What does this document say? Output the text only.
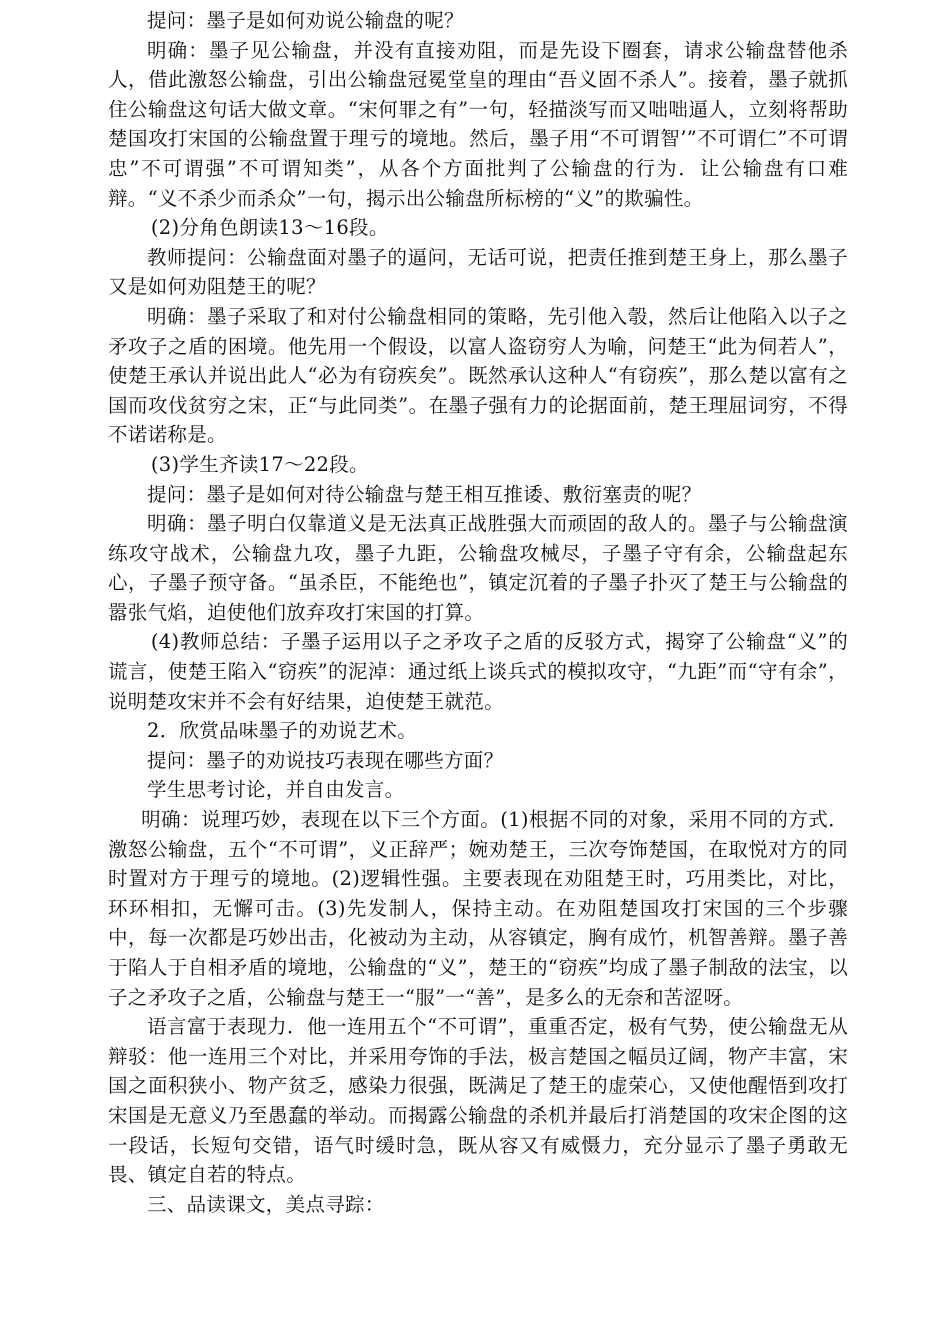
提问：墨子是如何劝说公输盘的呢？

明确：墨子见公输盘，并没有直接劝阻，而是先设下圈套，请求公输盘替他杀人，借此激怒公输盘，引出公输盘冠冕堂皇的理由“吾义固不杀人”。接着，墨子就抓住公输盘这句话大做文章。“宋何罪之有”一句，轻描淡写而又咄咄逼人，立刻将帮助楚国攻打宋国的公输盘置于理亏的境地。然后，墨子用“不可谓智’”不可谓仁”不可谓忠”不可谓强”不可谓知类”，从各个方面批判了公输盘的行为．让公输盘有口难辩。“义不杀少而杀众”一句，揭示出公输盘所标榜的“义”的欺骗性。

(2)分角色朗读13～16段。

教师提问：公输盘面对墨子的逼问，无话可说，把责任推到楚王身上，那么墨子又是如何劝阻楚王的呢？

明确：墨子采取了和对付公输盘相同的策略，先引他入彀，然后让他陷入以子之矛攻子之盾的困境。他先用一个假设，以富人盗窃穷人为喻，问楚王“此为伺若人”，使楚王承认并说出此人“必为有窃疾矣”。既然承认这种人“有窃疾”，那么楚以富有之国而攻伐贫穷之宋，正“与此同类”。在墨子强有力的论据面前，楚王理屈词穷，不得不诺诺称是。

(3)学生齐读17～22段。

提问：墨子是如何对待公输盘与楚王相互推诿、敷衍塞责的呢？

明确：墨子明白仅靠道义是无法真正战胜强大而顽固的敌人的。墨子与公输盘演练攻守战术，公输盘九攻，墨子九距，公输盘攻械尽，子墨子守有余，公输盘起东心，子墨子预守备。“虽杀臣，不能绝也”，镇定沉着的子墨子扑灭了楚王与公输盘的嚣张气焰，迫使他们放弃攻打宋国的打算。

(4)教师总结：子墨子运用以子之矛攻子之盾的反驳方式，揭穿了公输盘“义”的谎言，使楚王陷入“窃疾”的泥淖：通过纸上谈兵式的模拟攻守，“九距”而“守有余”，说明楚攻宋并不会有好结果，迫使楚王就范。

2．欣赏品味墨子的劝说艺术。

提问：墨子的劝说技巧表现在哪些方面？

学生思考讨论，并自由发言。

明确：说理巧妙，表现在以下三个方面。(1)根据不同的对象，采用不同的方式．激怒公输盘，五个“不可谓”，义正辞严；婉劝楚王，三次夸饰楚国，在取悦对方的同时置对方于理亏的境地。(2)逻辑性强。主要表现在劝阻楚王时，巧用类比，对比，环环相扣，无懈可击。(3)先发制人，保持主动。在劝阻楚国攻打宋国的三个步骤中，每一次都是巧妙出击，化被动为主动，从容镇定，胸有成竹，机智善辩。墨子善于陷人于自相矛盾的境地，公输盘的“义”，楚王的“窃疾”均成了墨子制敌的法宝，以子之矛攻子之盾，公输盘与楚王一“服”一“善”，是多么的无奈和苦涩呀。

语言富于表现力．他一连用五个“不可谓”，重重否定，极有气势，使公输盘无从辩驳：他一连用三个对比，并采用夸饰的手法，极言楚国之幅员辽阔，物产丰富，宋国之面积狭小、物产贫乏，感染力很强，既满足了楚王的虚荣心，又使他醒悟到攻打宋国是无意义乃至愚蠢的举动。而揭露公输盘的杀机并最后打消楚国的攻宋企图的这一段话，长短句交错，语气时缓时急，既从容又有威慑力，充分显示了墨子勇敢无畏、镇定自若的特点。

三、品读课文，美点寻踪：
